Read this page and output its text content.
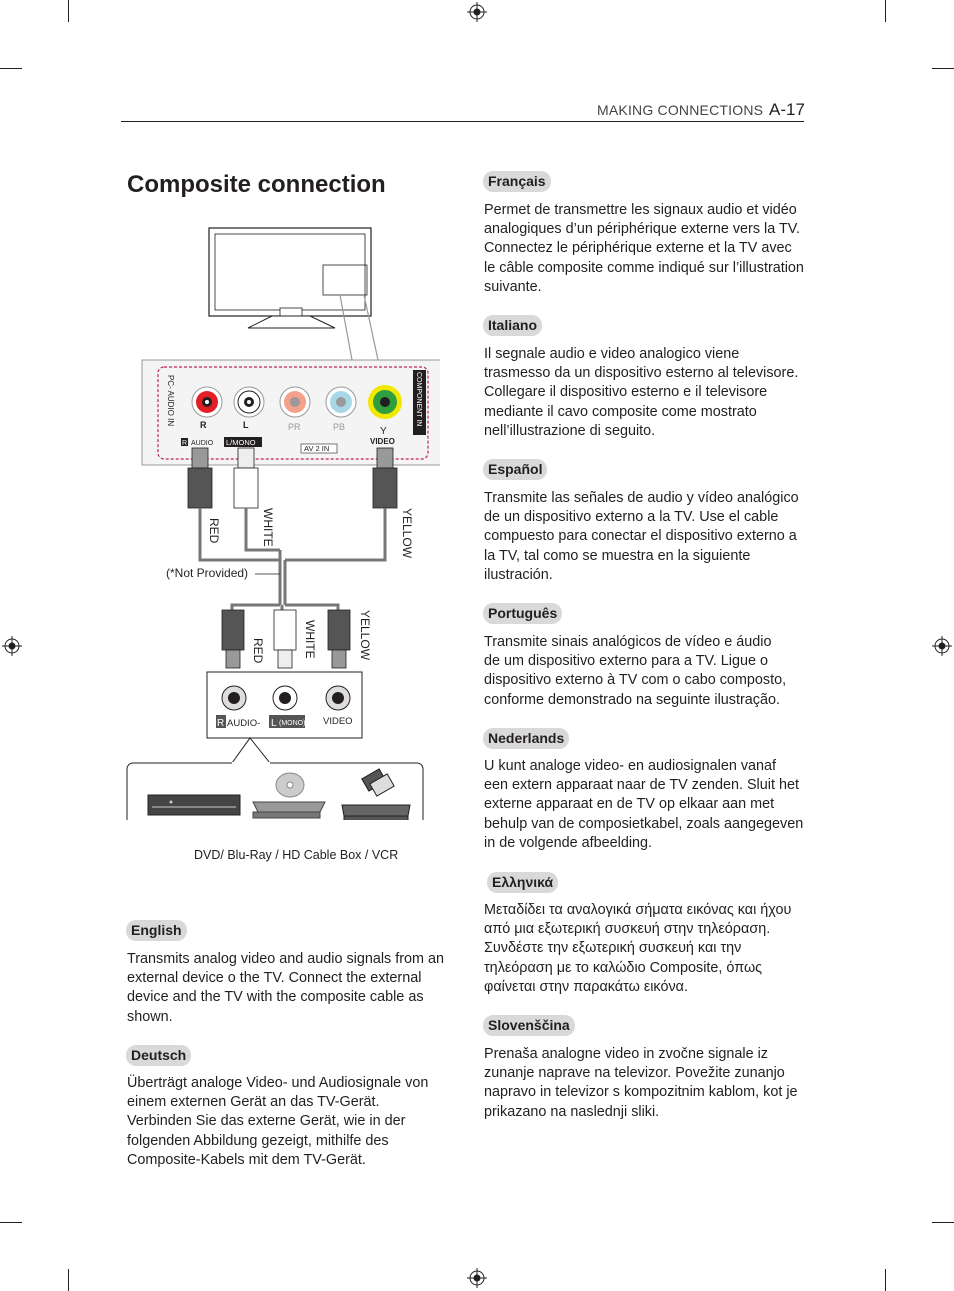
MAKING CONNECTIONS A-17
Composite connection
PC- AUDIO IN	COMPONENT IN
R	L	PR	PB	Y
R AUDIO L/MONO	VIDEO
AV 2 IN
(*Not Provided)
RED	WHITE	YELLOW
RED	WHITE	YELLOW
R AUDIO- L (MONO) VIDEO
DVD/ Blu-Ray / HD Cable Box / VCR
English

Transmits analog video and audio signals from an external device o the TV. Connect the external device and the TV with the composite cable as shown.

Deutsch

Überträgt analoge Video- und Audiosignale von einem externen Gerät an das TV-Gerät. Verbinden Sie das externe Gerät, wie in der folgenden Abbildung gezeigt, mithilfe des Composite-Kabels mit dem TV-Gerät.

Français

Permet de transmettre les signaux audio et vidéo analogiques d’un périphérique externe vers la TV. Connectez le périphérique externe et la TV avec le câble composite comme indiqué sur l’illustration suivante.

Italiano

Il segnale audio e video analogico viene trasmesso da un dispositivo esterno al televisore. Collegare il dispositivo esterno e il televisore mediante il cavo composite come mostrato nell’illustrazione di seguito.

Español

Transmite las señales de audio y vídeo analógico de un dispositivo externo a la TV. Use el cable compuesto para conectar el dispositivo externo a la TV, tal como se muestra en la siguiente ilustración.

Português

Transmite sinais analógicos de vídeo e áudio de um dispositivo externo para a TV. Ligue o dispositivo externo à TV com o cabo composto, conforme demonstrado na seguinte ilustração.

Nederlands

U kunt analoge video- en audiosignalen vanaf een extern apparaat naar de TV zenden. Sluit het externe apparaat en de TV op elkaar aan met behulp van de composietkabel, zoals aangegeven in de volgende afbeelding.

Ελληνικά

Μεταδίδει τα αναλογικά σήματα εικόνας και ήχου από μια εξωτερική συσκευή στην τηλεόραση. Συνδέστε την εξωτερική συσκευή και την τηλεόραση με το καλώδιο Composite, όπως φαίνεται στην παρακάτω εικόνα.

Slovenščina

Prenaša analogne video in zvočne signale iz zunanje naprave na televizor. Povežite zunanjo napravo in televizor s kompozitnim kablom, kot je prikazano na naslednji sliki.
